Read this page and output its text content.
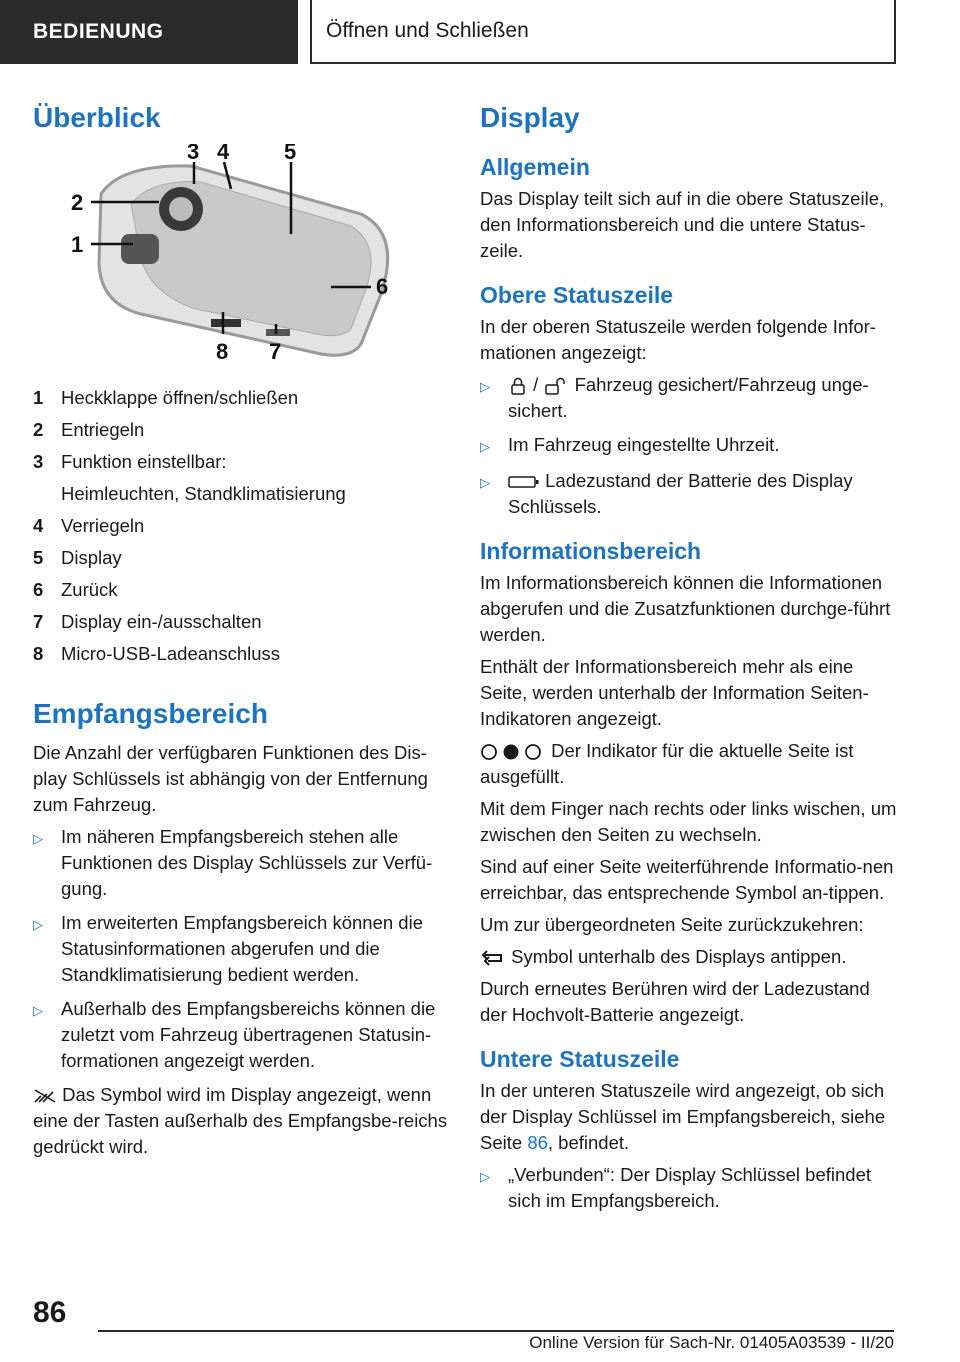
BEDIENUNG	Öffnen und Schließen
Überblick
3 4 5
2
1
6
8 7
1 Heckklappe öffnen/schließen
2 Entriegeln
3 Funktion einstellbar:
Heimleuchten, Standklimatisierung
4 Verriegeln
5 Display
6 Zurück
7 Display ein-/ausschalten
8 Micro-USB-Ladeanschluss
Empfangsbereich

Die Anzahl der verfügbaren Funktionen des Dis-play Schlüssels ist abhängig von der Entfernung zum Fahrzeug.

▷ Im näheren Empfangsbereich stehen alle Funktionen des Display Schlüssels zur Verfü-gung.
▷ Im erweiterten Empfangsbereich können die Statusinformationen abgerufen und die Standklimatisierung bedient werden.
▷ Außerhalb des Empfangsbereichs können die zuletzt vom Fahrzeug übertragenen Statusin-formationen angezeigt werden.

Das Symbol wird im Display angezeigt, wenn eine der Tasten außerhalb des Empfangsbe-reichs gedrückt wird.

Display
Allgemein

Das Display teilt sich auf in die obere Statuszeile, den Informationsbereich und die untere Status-zeile.

Obere Statuszeile

In der oberen Statuszeile werden folgende Infor-mationen angezeigt:

▷	/ Fahrzeug gesichert/Fahrzeug unge-sichert.
▷ Im Fahrzeug eingestellte Uhrzeit.
▷	Ladezustand der Batterie des Display Schlüssels.
Informationsbereich

Im Informationsbereich können die Informationen abgerufen und die Zusatzfunktionen durchge-führt werden.

Enthält der Informationsbereich mehr als eine Seite, werden unterhalb der Information Seiten-Indikatoren angezeigt.

Der Indikator für die aktuelle Seite ist ausgefüllt.

Mit dem Finger nach rechts oder links wischen, um zwischen den Seiten zu wechseln.

Sind auf einer Seite weiterführende Informatio-nen erreichbar, das entsprechende Symbol an-tippen.

Um zur übergeordneten Seite zurückzukehren:

Symbol unterhalb des Displays antippen.

Durch erneutes Berühren wird der Ladezustand der Hochvolt-Batterie angezeigt.

Untere Statuszeile

In der unteren Statuszeile wird angezeigt, ob sich der Display Schlüssel im Empfangsbereich, siehe Seite 86, befindet.

▷ „Verbunden“: Der Display Schlüssel befindet sich im Empfangsbereich.
86
Online Version für Sach-Nr. 01405A03539 - II/20
